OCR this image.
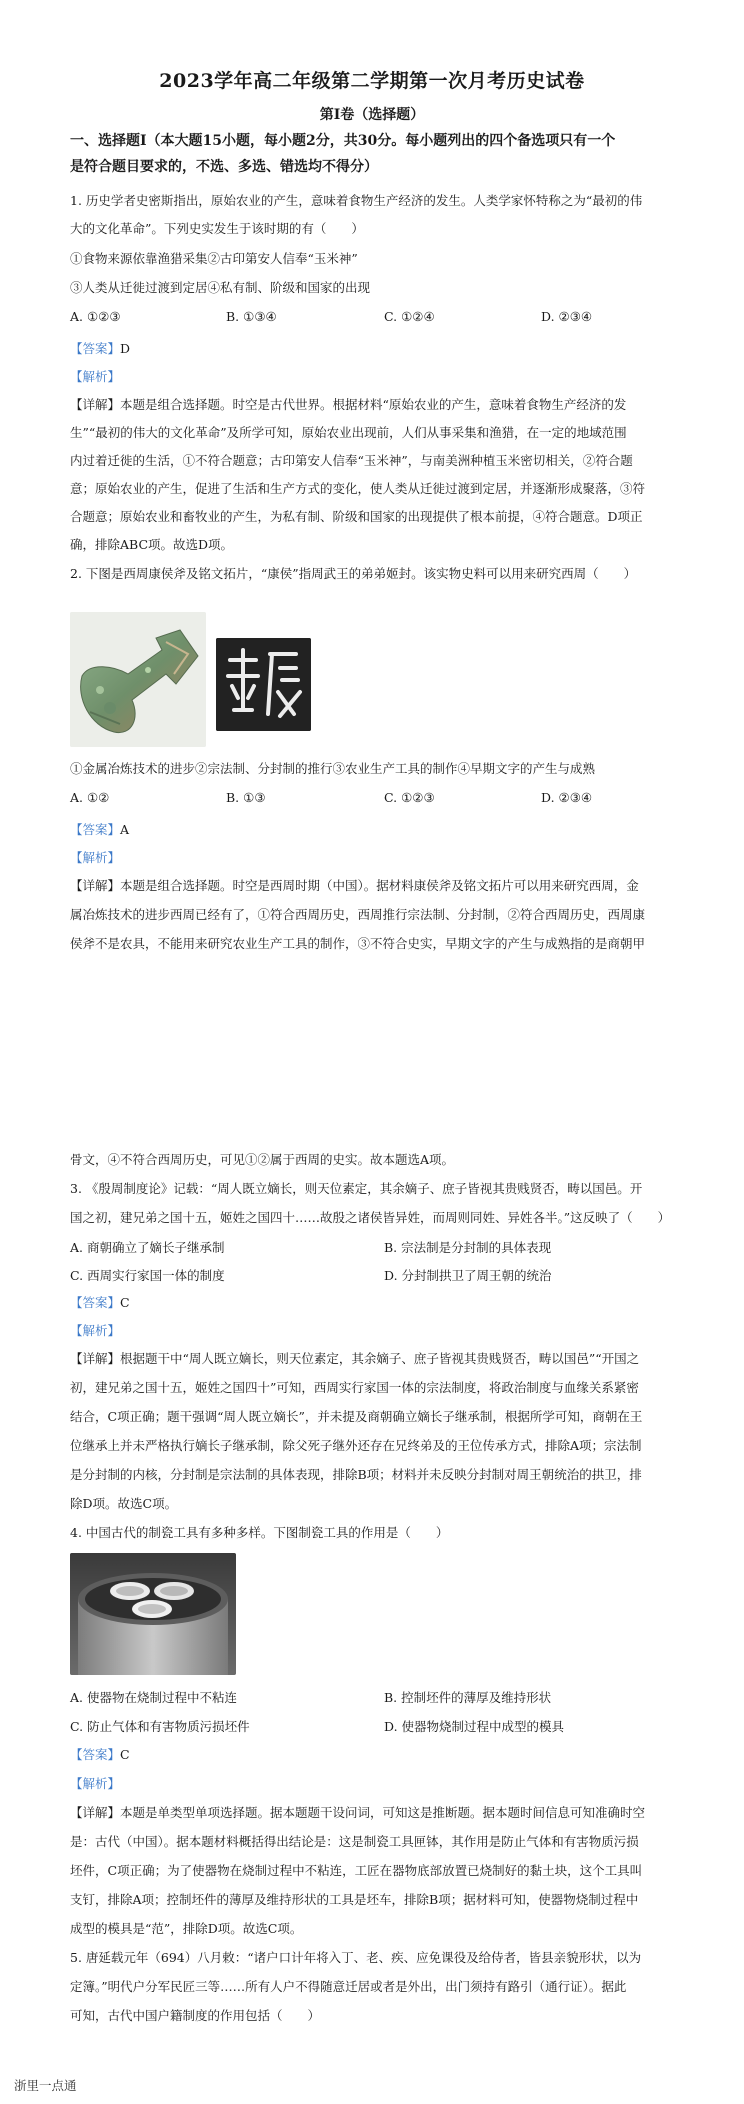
2023学年高二年级第二学期第一次月考历史试卷
第Ⅰ卷（选择题）
一、选择题Ⅰ（本大题15小题，每小题2分，共30分。每小题列出的四个备选项只有一个
是符合题目要求的，不选、多选、错选均不得分）
1. 历史学者史密斯指出，原始农业的产生，意味着食物生产经济的发生。人类学家怀特称之为“最初的伟
大的文化革命”。下列史实发生于该时期的有（　　）
①食物来源依靠渔猎采集②古印第安人信奉“玉米神”
③人类从迁徙过渡到定居④私有制、阶级和国家的出现
A. ①②③	B. ①③④	C. ①②④	D. ②③④
【答案】D
【解析】
【详解】本题是组合选择题。时空是古代世界。根据材料“原始农业的产生，意味着食物生产经济的发
生”“最初的伟大的文化革命”及所学可知，原始农业出现前，人们从事采集和渔猎，在一定的地域范围
内过着迁徙的生活，①不符合题意；古印第安人信奉“玉米神”，与南美洲种植玉米密切相关，②符合题
意；原始农业的产生，促进了生活和生产方式的变化，使人类从迁徙过渡到定居，并逐渐形成聚落，③符
合题意；原始农业和畜牧业的产生，为私有制、阶级和国家的出现提供了根本前提，④符合题意。D项正
确，排除ABC项。故选D项。
2. 下图是西周康侯斧及铭文拓片，“康侯”指周武王的弟弟姬封。该实物史料可以用来研究西周（　　）
①金属冶炼技术的进步②宗法制、分封制的推行③农业生产工具的制作④早期文字的产生与成熟
A. ①②	B. ①③	C. ①②③	D. ②③④
【答案】A
【解析】
【详解】本题是组合选择题。时空是西周时期（中国）。据材料康侯斧及铭文拓片可以用来研究西周，金
属冶炼技术的进步西周已经有了，①符合西周历史，西周推行宗法制、分封制，②符合西周历史，西周康
侯斧不是农具，不能用来研究农业生产工具的制作，③不符合史实，早期文字的产生与成熟指的是商朝甲
骨文，④不符合西周历史，可见①②属于西周的史实。故本题选A项。
3. 《殷周制度论》记载：“周人既立嫡长，则天位素定，其余嫡子、庶子皆视其贵贱贤否，畴以国邑。开
国之初，建兄弟之国十五，姬姓之国四十……故殷之诸侯皆异姓，而周则同姓、异姓各半。”这反映了（　　）
A. 商朝确立了嫡长子继承制	B. 宗法制是分封制的具体表现
C. 西周实行家国一体的制度	D. 分封制拱卫了周王朝的统治
【答案】C
【解析】
【详解】根据题干中“周人既立嫡长，则天位素定，其余嫡子、庶子皆视其贵贱贤否，畴以国邑”“开国之
初，建兄弟之国十五，姬姓之国四十”可知，西周实行家国一体的宗法制度，将政治制度与血缘关系紧密
结合，C项正确；题干强调“周人既立嫡长”，并未提及商朝确立嫡长子继承制，根据所学可知，商朝在王
位继承上并未严格执行嫡长子继承制，除父死子继外还存在兄终弟及的王位传承方式，排除A项；宗法制
是分封制的内核，分封制是宗法制的具体表现，排除B项；材料并未反映分封制对周王朝统治的拱卫，排
除D项。故选C项。
4. 中国古代的制瓷工具有多种多样。下图制瓷工具的作用是（　　）
A. 使器物在烧制过程中不粘连	B. 控制坯件的薄厚及维持形状
C. 防止气体和有害物质污损坯件	D. 使器物烧制过程中成型的模具
【答案】C
【解析】
【详解】本题是单类型单项选择题。据本题题干设问词，可知这是推断题。据本题时间信息可知准确时空
是：古代（中国）。据本题材料概括得出结论是：这是制瓷工具匣钵，其作用是防止气体和有害物质污损
坯件，C项正确；为了使器物在烧制过程中不粘连，工匠在器物底部放置已烧制好的黏土块，这个工具叫
支钉，排除A项；控制坯件的薄厚及维持形状的工具是坯车，排除B项；据材料可知，使器物烧制过程中
成型的模具是“范”，排除D项。故选C项。
5. 唐延载元年（694）八月敕：“诸户口计年将入丁、老、疾、应免课役及给侍者，皆县亲貌形状，以为
定簿。”明代户分军民匠三等……所有人户不得随意迁居或者是外出，出门须持有路引（通行证）。据此
可知，古代中国户籍制度的作用包括（　　）
浙里一点通
